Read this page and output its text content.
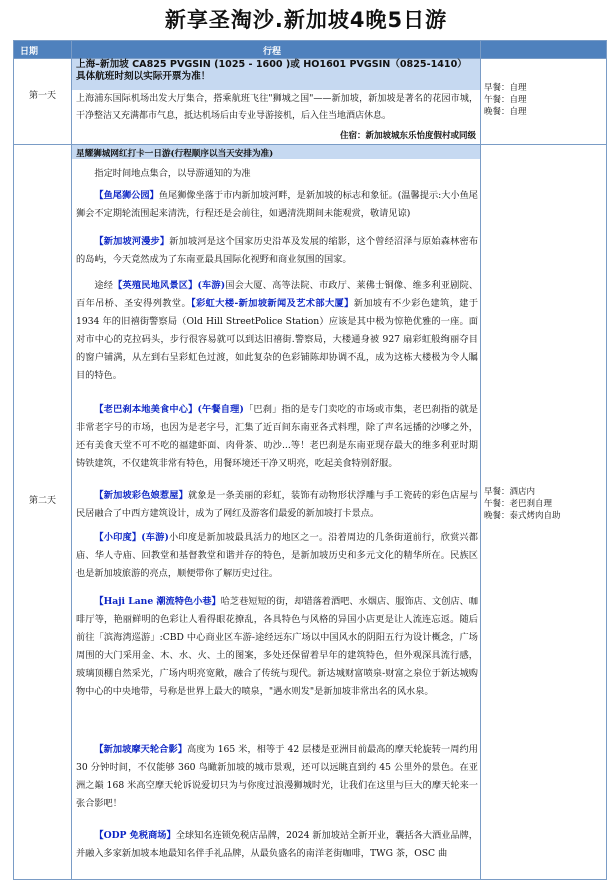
新享圣淘沙.新加坡4晚5日游
日期	行程
上海–新加坡 CA825 PVGSIN (1025 - 1600 )或 HO1601 PVGSIN（0825-1410）
具体航班时刻以实际开票为准！
第一天	上海浦东国际机场出发大厅集合，搭乘航班飞往"狮城之国"——新加坡，新加坡是著名的花园市城，干净整洁又充满都市气息，抵达机场后由专业导游接机，后入住当地酒店休息。
住宿：新加坡城东乐怡度假村或同级
早餐：自理
午餐：自理
晚餐：自理
星耀狮城网红打卡一日游(行程顺序以当天安排为准)
第二天
早餐：酒店内
午餐：老巴刹自理
晚餐：泰式烤肉自助
指定时间地点集合，以导游通知的为准
【鱼尾狮公园】鱼尾狮像坐落于市内新加坡河畔，是新加坡的标志和象征。(温馨提示:大小鱼尾狮会不定期轮流围起来清洗，行程还是会前往，如遇清洗期间未能观赏，敬请见谅)
【新加坡河漫步】新加坡河是这个国家历史沿革及发展的缩影，这个曾经沼泽与原始森林密布的岛屿，今天竟然成为了东南亚最具国际化视野和商业氛围的国家。
途经【英殖民地风景区】(车游)国会大厦、高等法院、市政厅、莱佛士铜像、维多利亚剧院、百年吊桥、圣安得列教堂。【彩虹大楼-新加坡新闻及艺术部大厦】新加坡有不少彩色建筑，建于 1934 年的旧禧街警察局（Old Hill StreetPolice Station）应该是其中极为惊艳优雅的一座。面对市中心的克拉码头，步行很容易就可以到达旧禧街.警察局，大楼通身被 927 扇彩虹般绚丽夺目的窗户铺满，从左到右呈彩虹色过渡，如此复杂的色彩铺陈却协调不乱，成为这栋大楼极为令人瞩目的特色。
【老巴刹本地美食中心】(午餐自理)「巴刹」指的是专门卖吃的市场或市集，老巴刹指的就是非常老字号的市场，也因为是老字号，汇集了近百间东南亚各式料理，除了声名远播的沙嗲之外，还有美食天堂不可不吃的福建虾面、肉骨茶、叻沙...等！老巴刹是东南亚现存最大的维多利亚时期铸铁建筑，不仅建筑非常有特色，用餐环境还干净又明亮，吃起美食特别舒服。
【新加坡彩色娘惹屋】就象是一条美丽的彩虹，装饰有动物形状浮雕与手工瓷砖的彩色店屋与民居融合了中西方建筑设计，成为了网红及游客们最爱的新加坡打卡景点。
【小印度】(车游)小印度是新加坡最具活力的地区之一。沿着周边的几条街道前行，欣赏兴都庙、华人寺庙、回教堂和基督教堂和谐并存的特色，是新加坡历史和多元文化的精华所在。民族区也是新加坡旅游的亮点，顺便带你了解历史过往。
【Haji Lane 潮流特色小巷】哈芝巷短短的街，却错落着酒吧、水烟店、服饰店、文创店、咖啡厅等，艳丽鲜明的色彩让人看得眼花撩乱，各具特色与风格的异国小店更是让人流连忘返。随后前往「滨海湾巡游」:CBD 中心商业区车游-途经远东广场以中国风水的阴阳五行为设计概念，广场周围的大门采用金、木、水、火、土的图案，多处还保留着早年的建筑特色，但外观深具流行感，玻璃顶棚自然采光，广场内明亮宽敞，融合了传统与现代。新达城财富喷泉-财富之泉位于新达城购物中心的中央地带，号称是世界上最大的喷泉，"遇水则发"是新加坡非常出名的风水泉。
【新加坡摩天轮合影】高度为 165 米，相等于 42 层楼是亚洲目前最高的摩天轮旋转一周约用 30 分钟时间，不仅能够 360 鸟瞰新加坡的城市景观，还可以远眺直到约 45 公里外的景色。在亚洲之巅 168 米高空摩天轮诉说爱切只为与你度过浪漫狮城时光，让我们在这里与巨大的摩天轮来一张合影吧！
【ODP 免税商场】全球知名连锁免税店品牌，2024 新加坡站全新开业，囊括各大酒业品牌，并融入多家新加坡本地最知名伴手礼品牌，从最负盛名的南洋老街咖啡，TWG 茶，OSC 曲
